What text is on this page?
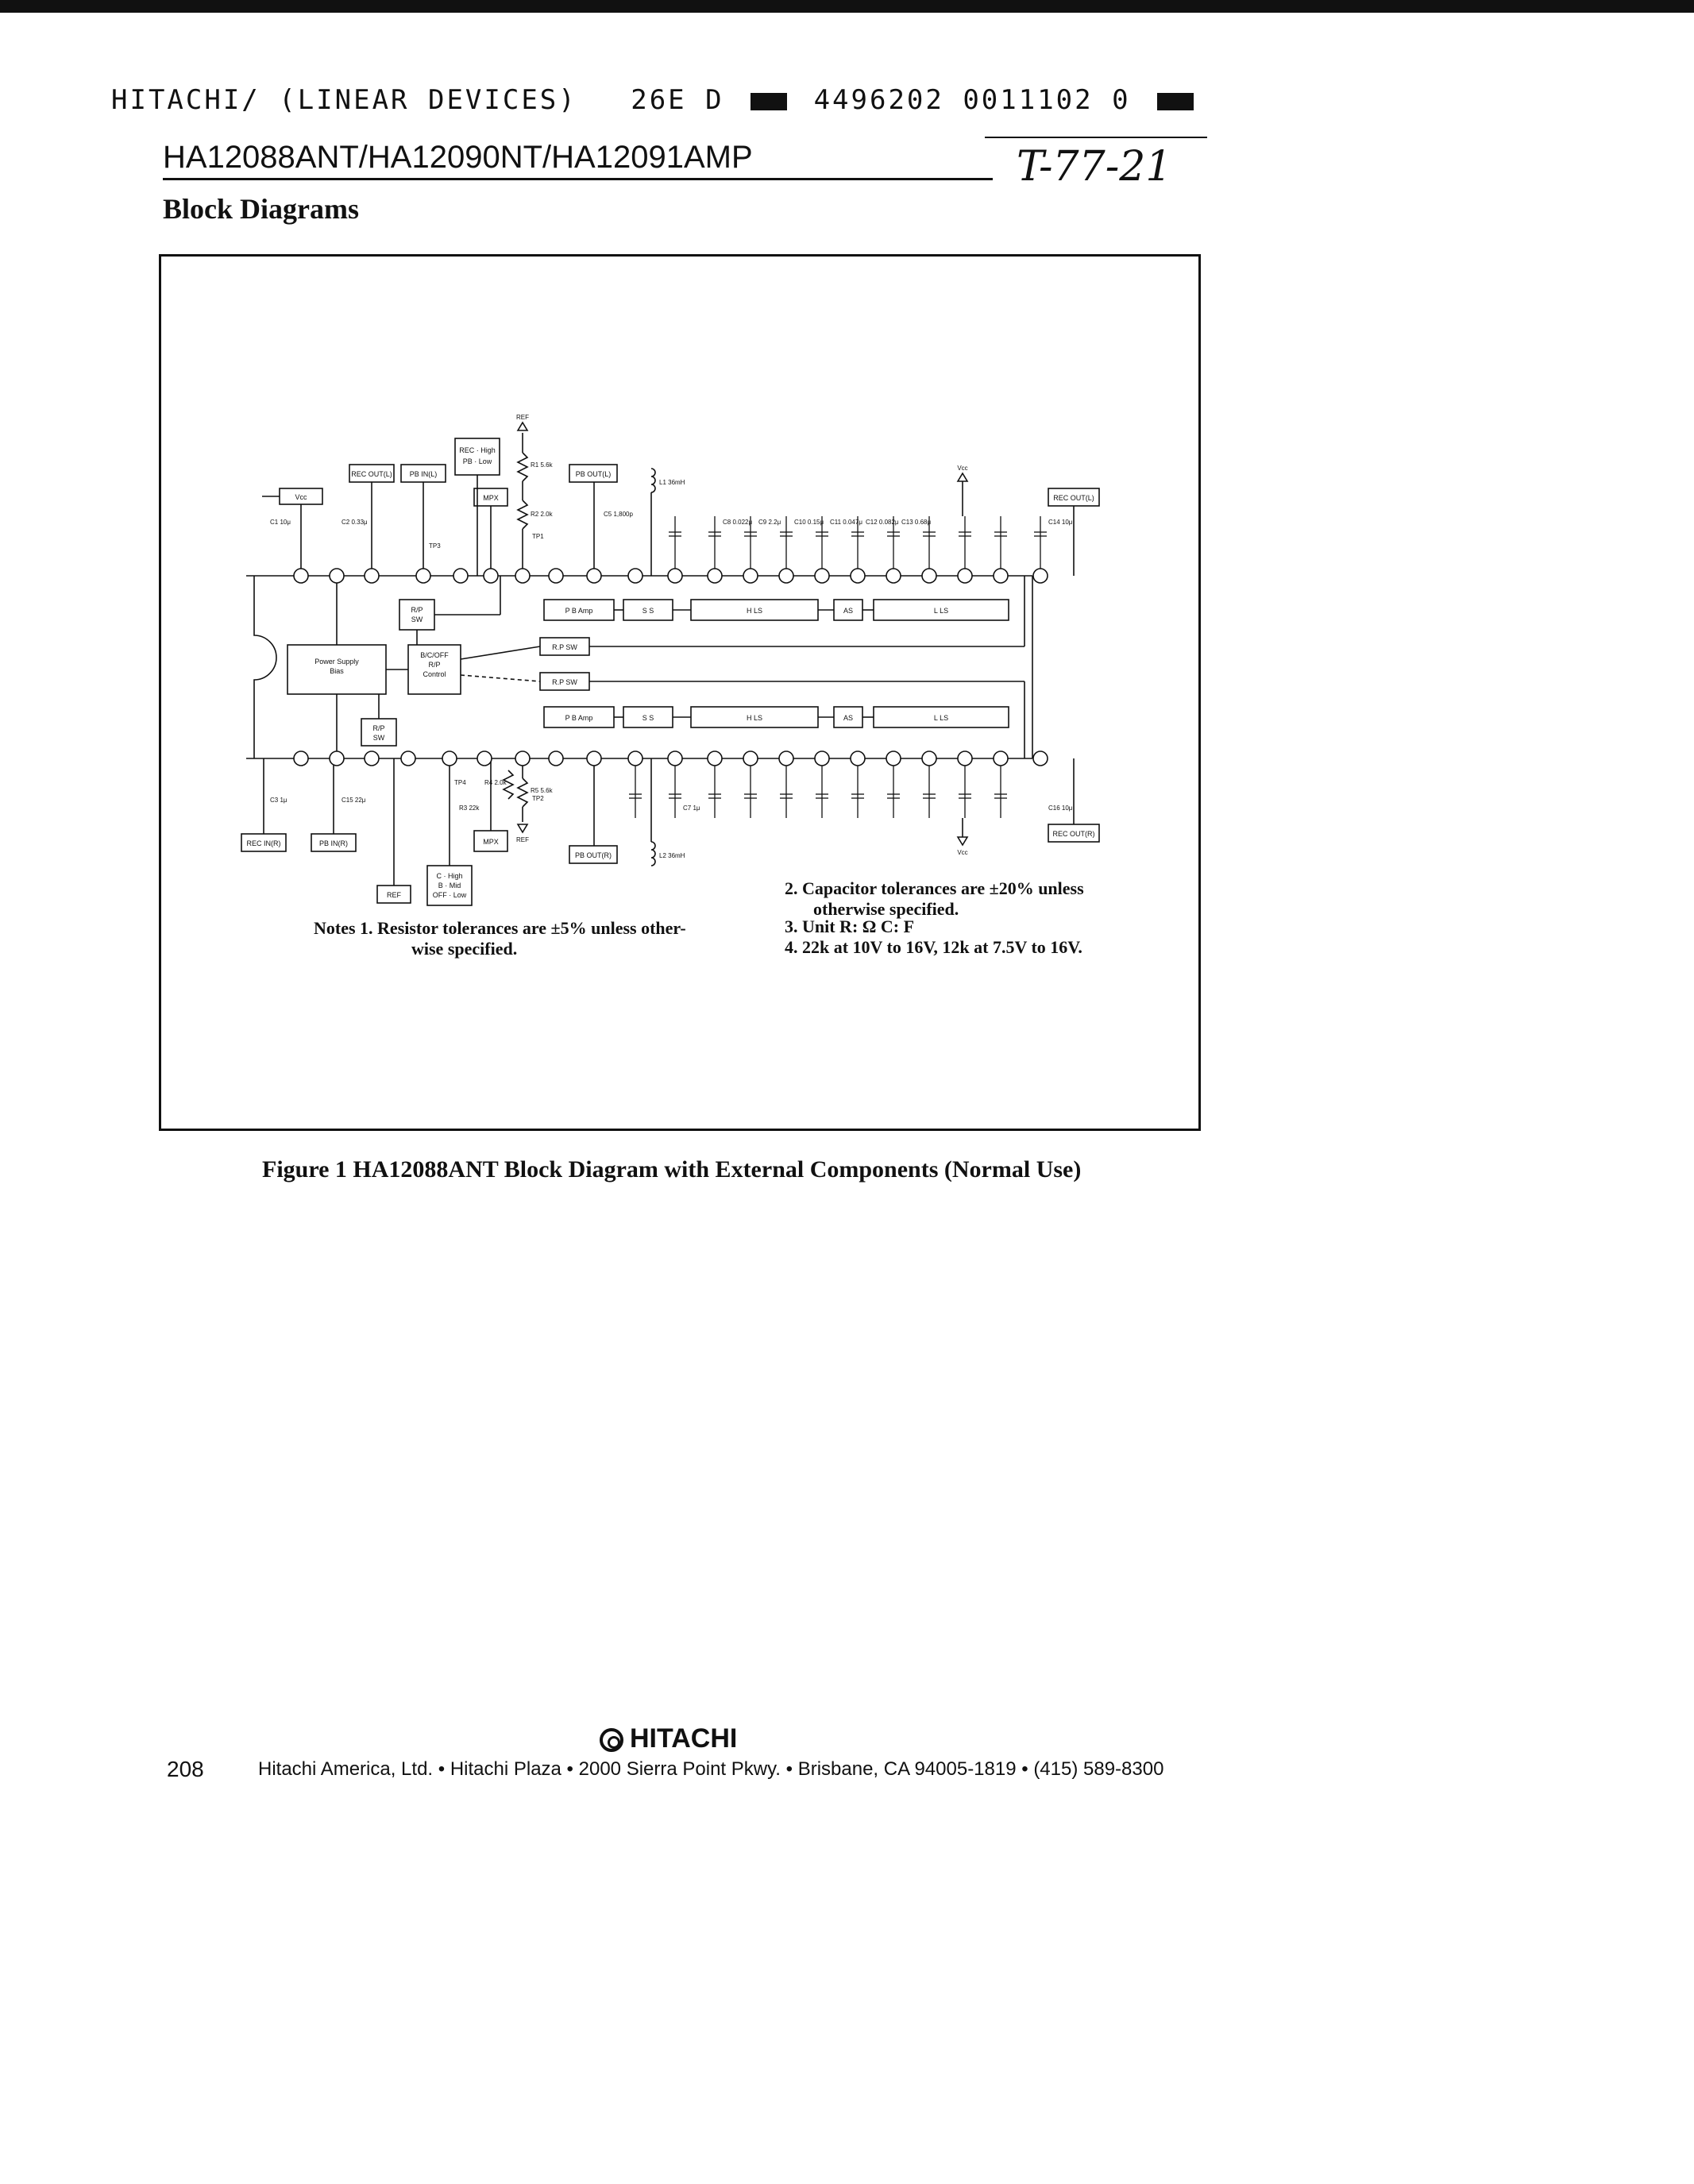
HITACHI/ (LINEAR DEVICES) 26E D	4496202 0011102 0
HA12088ANT/HA12090NT/HA12091AMP	T-77-21
Block Diagrams
P B Amp	S S	H LS	AS	L LS
R.P SW
R.P SW
P B Amp	S S	H LS	AS	L LS
R/P
SW
Power Supply
Bias
B/C/OFF
R/P
Control
R/P
SW
Vcc
REC OUT(L) PB IN(L)
REC · High
PB · Low
MPX
PB OUT(L)
REC OUT(L)
REC IN(R)	PB IN(R)
REF
C · High
B · Mid
OFF · Low
MPX
PB OUT(R)
REC OUT(R)
REF
REF
Vcc
Vcc
TP1
TP2
TP3
TP4
R1 5.6k
R2 2.0k
R3 22k
R4 2.0k
R5 5.6k
L1 36mH
L2 36mH
C1 10μ	C2 0.33μ
C3 1μ
C5 1,800p
C7 1μ
C8 0.022μ C9 2.2μ C10 0.15μ C11 0.047μ C12 0.082μ C13 0.68μ	C14 10μ
C15 22μ
C16 10μ
Notes 1. Resistor tolerances are ±5% unless other-
wise specified.
2. Capacitor tolerances are ±20% unless
otherwise specified.
3. Unit R: Ω C: F
4. 22k at 10V to 16V, 12k at 7.5V to 16V.
Figure 1 HA12088ANT Block Diagram with External Components (Normal Use)
HITACHI
208	Hitachi America, Ltd. • Hitachi Plaza • 2000 Sierra Point Pkwy. • Brisbane, CA 94005-1819 • (415) 589-8300
